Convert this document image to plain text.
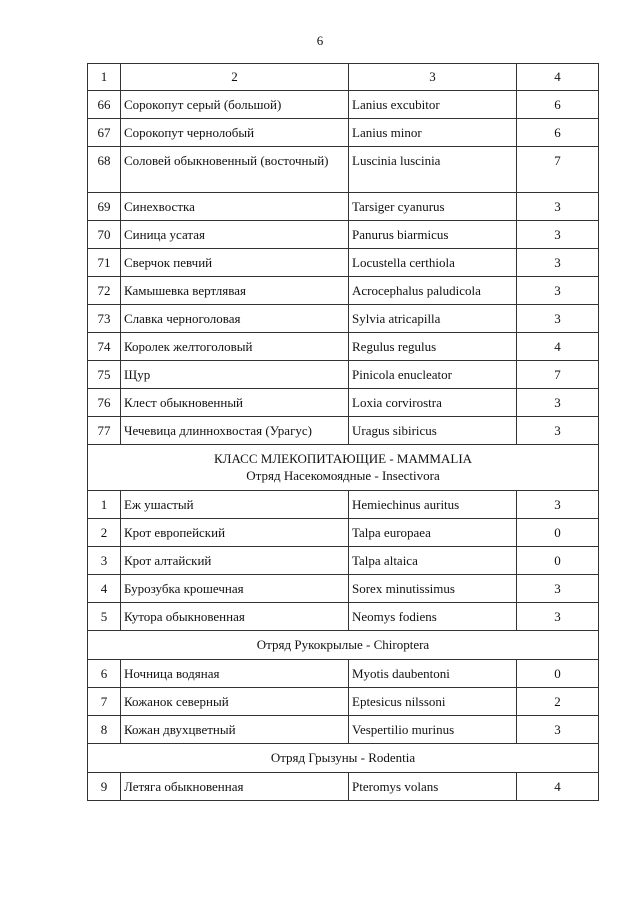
6
1	2	3	4
66	Сорокопут серый (большой)	Lanius excubitor	6
67	Сорокопут чернолобый	Lanius minor	6
68	Соловей обыкновенный (восточный)	Luscinia luscinia	7
69	Синехвостка	Tarsiger cyanurus	3
70	Синица усатая	Panurus biarmicus	3
71	Сверчок певчий	Locustella certhiola	3
72	Камышевка вертлявая	Acrocephalus paludicola	3
73	Славка черноголовая	Sylvia atricapilla	3
74	Королек желтоголовый	Regulus regulus	4
75	Щур	Pinicola enucleator	7
76	Клест обыкновенный	Loxia corvirostra	3
77	Чечевица длиннохвостая (Урагус)	Uragus sibiricus	3

КЛАСС МЛЕКОПИТАЮЩИЕ - MAMMALIA
Отряд Насекомоядные - Insectivora			

1	Еж ушастый	Hemiechinus auritus	3
2	Крот европейский	Talpa europaea	0
3	Крот алтайский	Talpa altaica	0
4	Бурозубка крошечная	Sorex minutissimus	3
5	Кутора обыкновенная	Neomys fodiens	3

Отряд Рукокрылые - Chiroptera			

6	Ночница водяная	Myotis daubentoni	0
7	Кожанок северный	Eptesicus nilssoni	2
8	Кожан двухцветный	Vespertilio murinus	3

Отряд Грызуны - Rodentia			

9	Летяга обыкновенная	Pteromys volans	4
